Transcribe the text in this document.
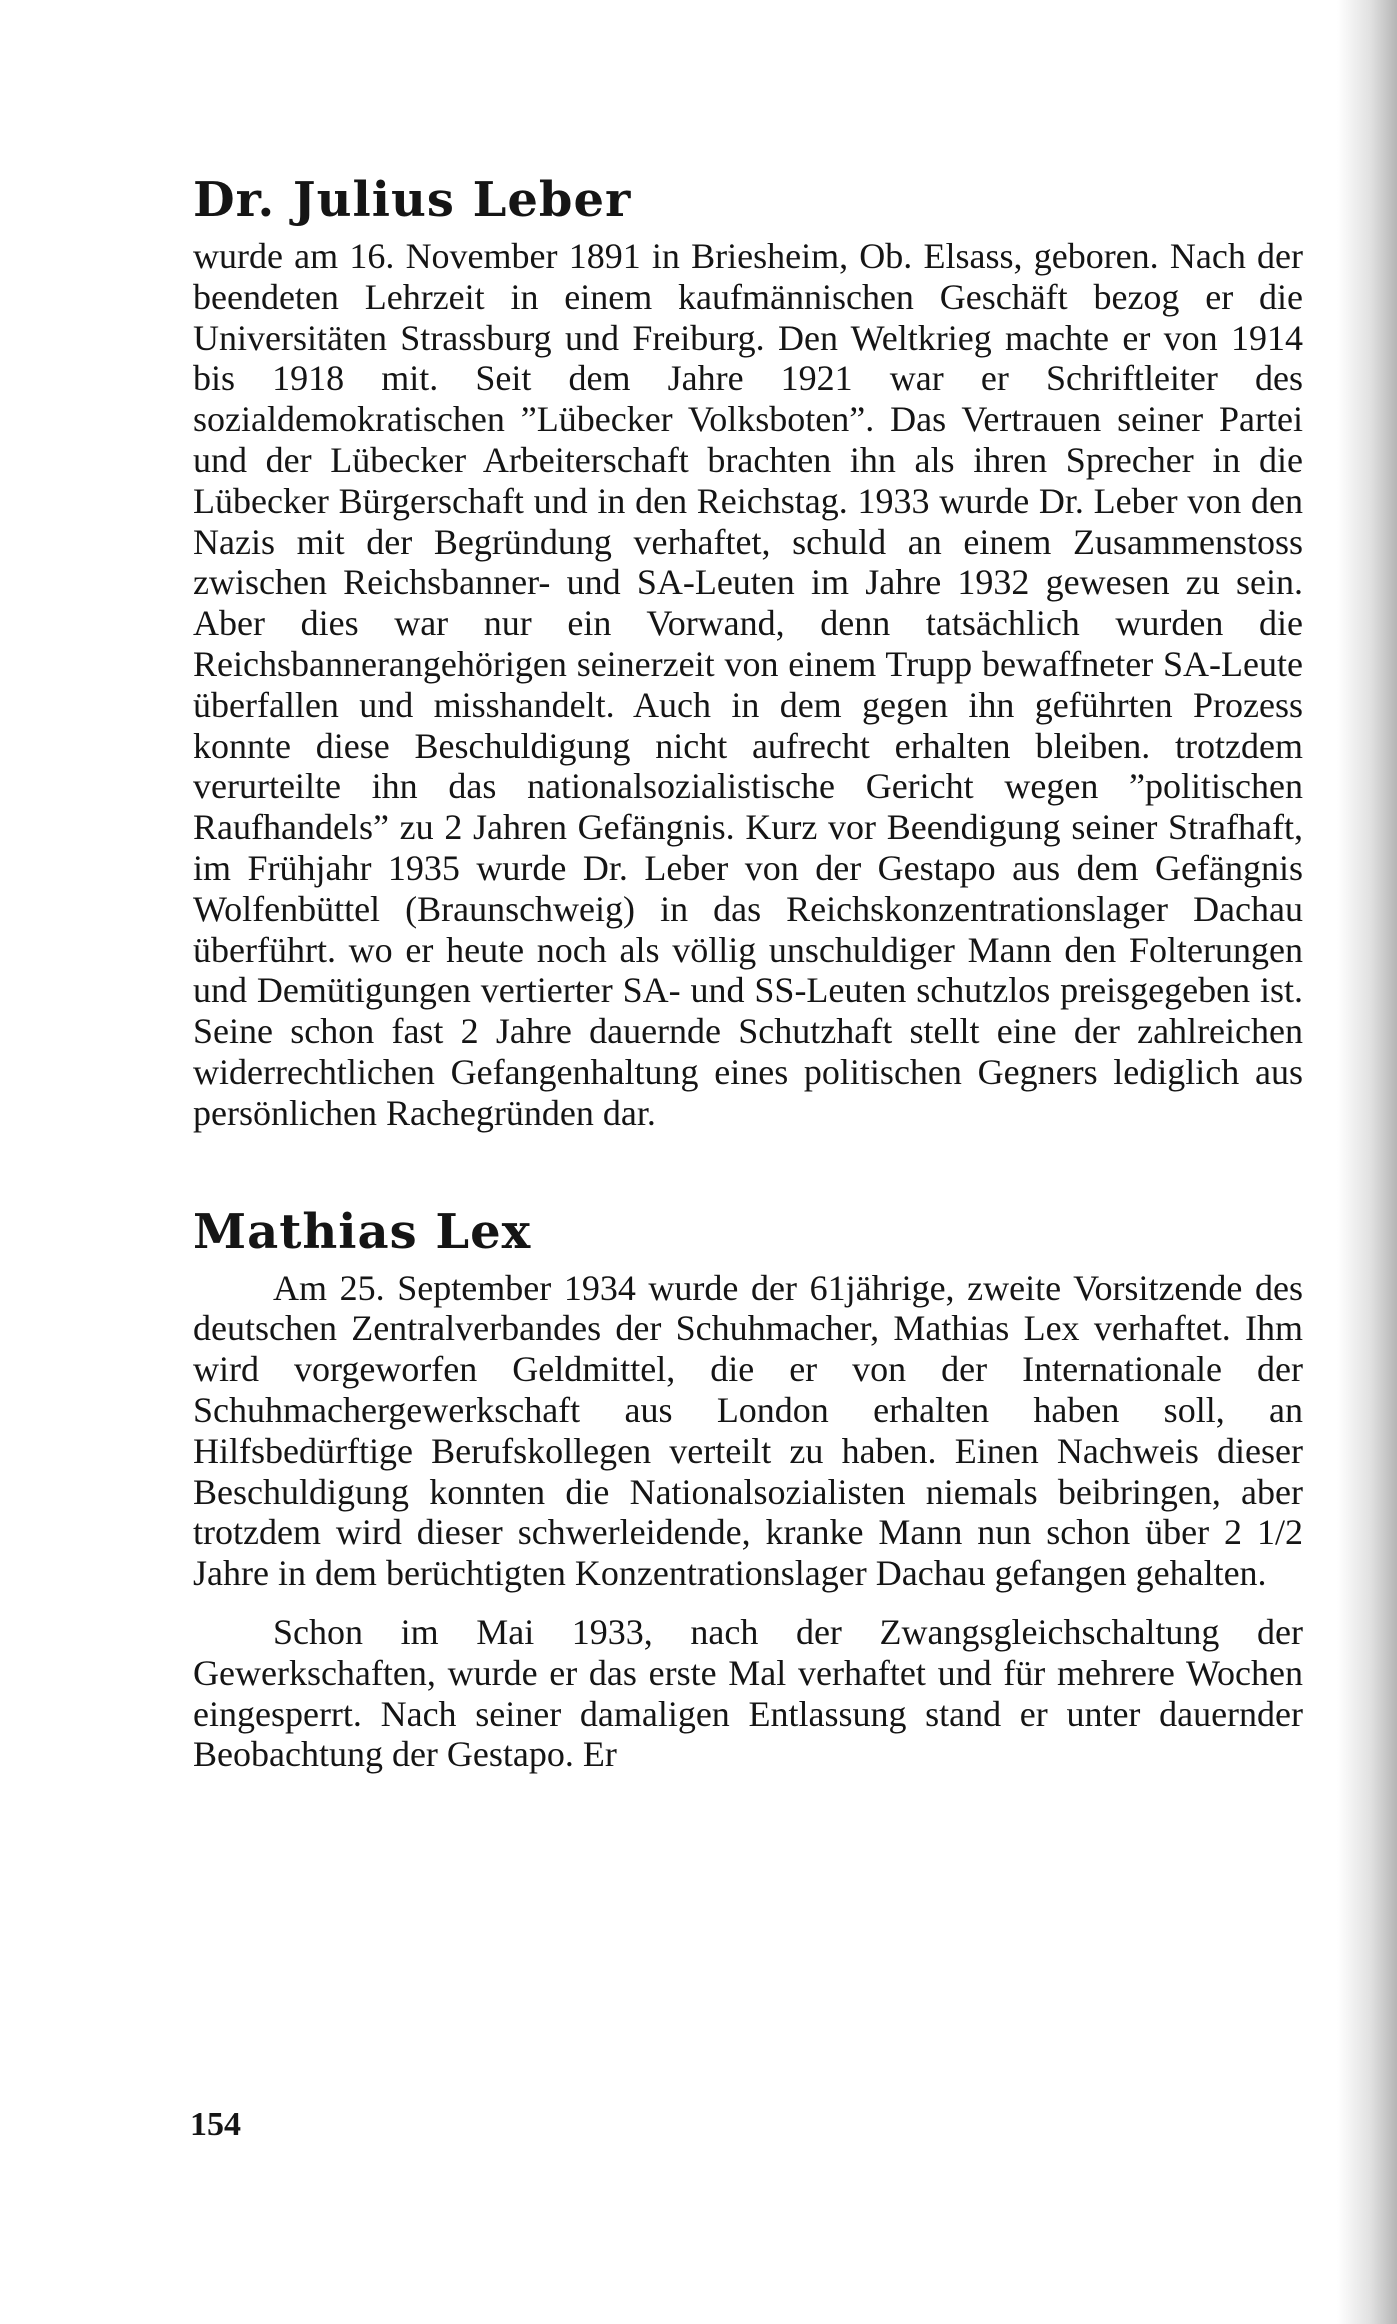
Dr. Julius Leber

wurde am 16. November 1891 in Briesheim, Ob. Elsass, geboren. Nach der beendeten Lehrzeit in einem kaufmännischen Geschäft bezog er die Universitäten Strassburg und Freiburg. Den Weltkrieg machte er von 1914 bis 1918 mit. Seit dem Jahre 1921 war er Schriftleiter des sozialdemokratischen ”Lübecker Volksboten”. Das Vertrauen seiner Partei und der Lübecker Arbeiterschaft brachten ihn als ihren Sprecher in die Lübecker Bürgerschaft und in den Reichstag. 1933 wurde Dr. Leber von den Nazis mit der Begründung verhaftet, schuld an einem Zusammenstoss zwischen Reichsbanner- und SA-Leuten im Jahre 1932 gewesen zu sein. Aber dies war nur ein Vorwand, denn tatsächlich wurden die Reichsbannerangehörigen seinerzeit von einem Trupp bewaffneter SA-Leute überfallen und misshandelt. Auch in dem gegen ihn geführten Prozess konnte diese Beschuldigung nicht aufrecht erhalten bleiben. trotzdem verurteilte ihn das nationalsozialistische Gericht wegen ”politischen Raufhandels” zu 2 Jahren Gefängnis. Kurz vor Beendigung seiner Strafhaft, im Frühjahr 1935 wurde Dr. Leber von der Gestapo aus dem Gefängnis Wolfenbüttel (Braunschweig) in das Reichskonzentrationslager Dachau überführt. wo er heute noch als völlig unschuldiger Mann den Folterungen und Demütigungen vertierter SA- und SS-Leuten schutzlos preisgegeben ist. Seine schon fast 2 Jahre dauernde Schutzhaft stellt eine der zahlreichen widerrechtlichen Gefangenhaltung eines politischen Gegners lediglich aus persönlichen Rachegründen dar.

Mathias Lex

Am 25. September 1934 wurde der 61jährige, zweite Vorsitzende des deutschen Zentralverbandes der Schuhmacher, Mathias Lex verhaftet. Ihm wird vorgeworfen Geldmittel, die er von der Internationale der Schuhmachergewerkschaft aus London erhalten haben soll, an Hilfsbedürftige Berufskollegen verteilt zu haben. Einen Nachweis dieser Beschuldigung konnten die Nationalsozialisten niemals beibringen, aber trotzdem wird dieser schwerleidende, kranke Mann nun schon über 2 1/2 Jahre in dem berüchtigten Konzentrationslager Dachau gefangen gehalten.

Schon im Mai 1933, nach der Zwangsgleichschaltung der Gewerkschaften, wurde er das erste Mal verhaftet und für mehrere Wochen eingesperrt. Nach seiner damaligen Entlassung stand er unter dauernder Beobachtung der Gestapo. Er

154
